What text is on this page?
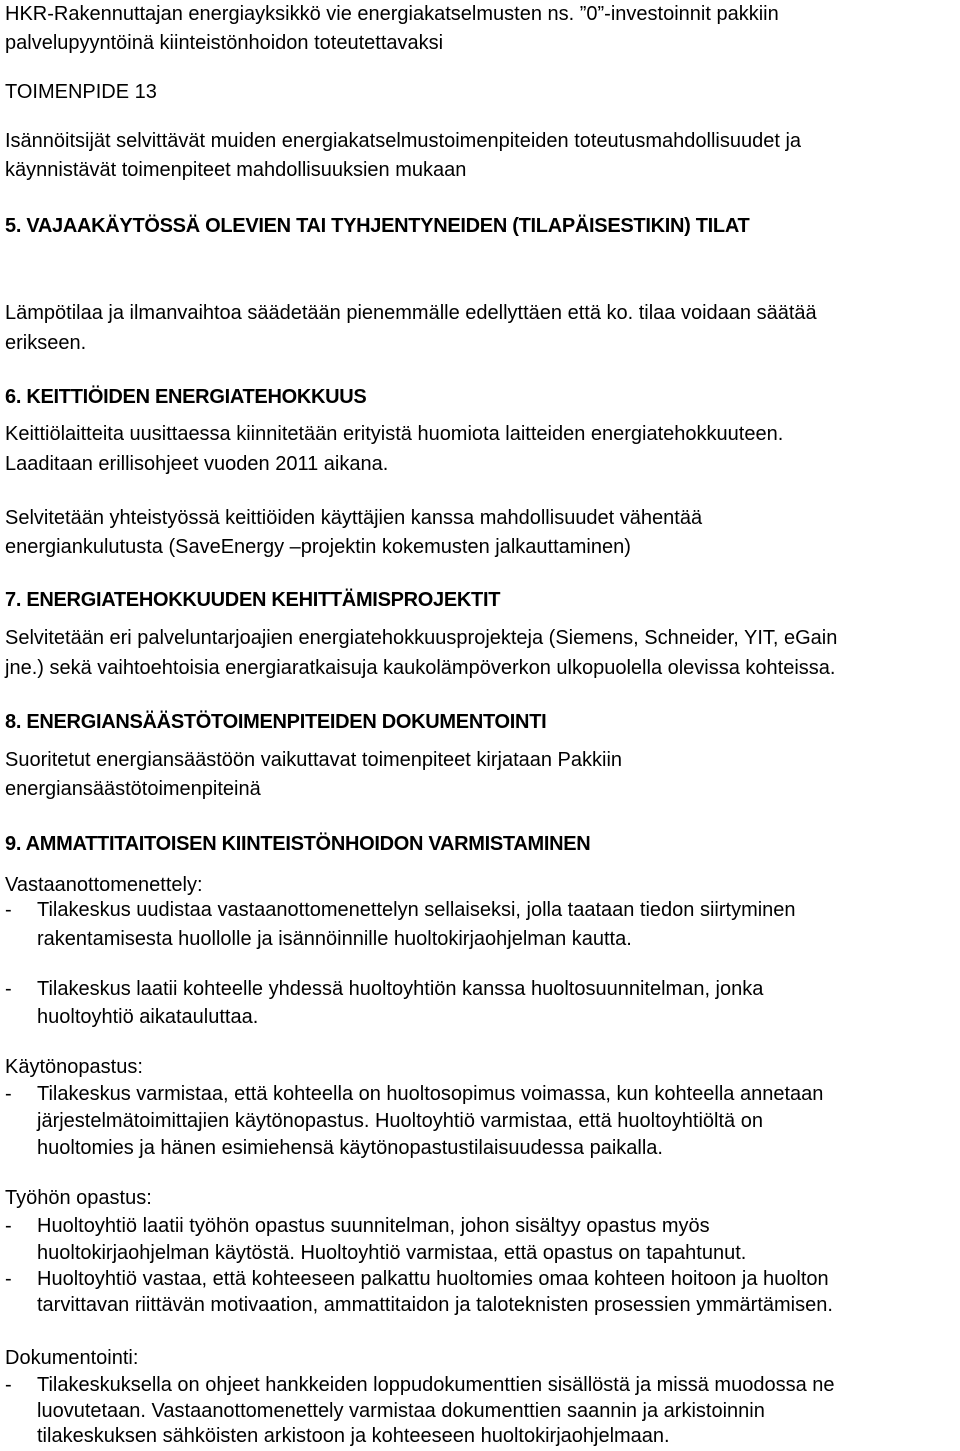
HKR-Rakennuttajan energiayksikkö vie energiakatselmusten ns. ”0”-investoinnit pakkiin
palvelupyyntöinä kiinteistönhoidon toteutettavaksi
TOIMENPIDE 13
Isännöitsijät selvittävät muiden energiakatselmustoimenpiteiden toteutusmahdollisuudet ja
käynnistävät toimenpiteet mahdollisuuksien mukaan
5. VAJAAKÄYTÖSSÄ OLEVIEN TAI TYHJENTYNEIDEN (TILAPÄISESTIKIN) TILAT
Lämpötilaa ja ilmanvaihtoa säädetään pienemmälle edellyttäen että ko. tilaa voidaan säätää
erikseen.
6. KEITTIÖIDEN ENERGIATEHOKKUUS
Keittiölaitteita uusittaessa kiinnitetään erityistä huomiota laitteiden energiatehokkuuteen.
Laaditaan erillisohjeet vuoden 2011 aikana.
Selvitetään yhteistyössä keittiöiden käyttäjien kanssa mahdollisuudet vähentää
energiankulutusta (SaveEnergy –projektin kokemusten jalkauttaminen)
7. ENERGIATEHOKKUUDEN KEHITTÄMISPROJEKTIT
Selvitetään eri palveluntarjoajien energiatehokkuusprojekteja (Siemens, Schneider, YIT, eGain
jne.) sekä vaihtoehtoisia energiaratkaisuja kaukolämpöverkon ulkopuolella olevissa kohteissa.
8. ENERGIANSÄÄSTÖTOIMENPITEIDEN DOKUMENTOINTI
Suoritetut energiansäästöön vaikuttavat toimenpiteet kirjataan Pakkiin
energiansäästötoimenpiteinä
9. AMMATTITAITOISEN KIINTEISTÖNHOIDON VARMISTAMINEN
Vastaanottomenettely:
- Tilakeskus uudistaa vastaanottomenettelyn sellaiseksi, jolla taataan tiedon siirtyminen
rakentamisesta huollolle ja isännöinnille huoltokirjaohjelman kautta.
- Tilakeskus laatii kohteelle yhdessä huoltoyhtiön kanssa huoltosuunnitelman, jonka
huoltoyhtiö aikatauluttaa.
Käytönopastus:
- Tilakeskus varmistaa, että kohteella on huoltosopimus voimassa, kun kohteella annetaan
järjestelmätoimittajien käytönopastus. Huoltoyhtiö varmistaa, että huoltoyhtiöltä on
huoltomies ja hänen esimiehensä käytönopastustilaisuudessa paikalla.
Työhön opastus:
- Huoltoyhtiö laatii työhön opastus suunnitelman, johon sisältyy opastus myös
huoltokirjaohjelman käytöstä. Huoltoyhtiö varmistaa, että opastus on tapahtunut.
- Huoltoyhtiö vastaa, että kohteeseen palkattu huoltomies omaa kohteen hoitoon ja huolton
tarvittavan riittävän motivaation, ammattitaidon ja taloteknisten prosessien ymmärtämisen.
Dokumentointi:
- Tilakeskuksella on ohjeet hankkeiden loppudokumenttien sisällöstä ja missä muodossa ne
luovutetaan. Vastaanottomenettely varmistaa dokumenttien saannin ja arkistoinnin
tilakeskuksen sähköisten arkistoon ja kohteeseen huoltokirjaohjelmaan.
